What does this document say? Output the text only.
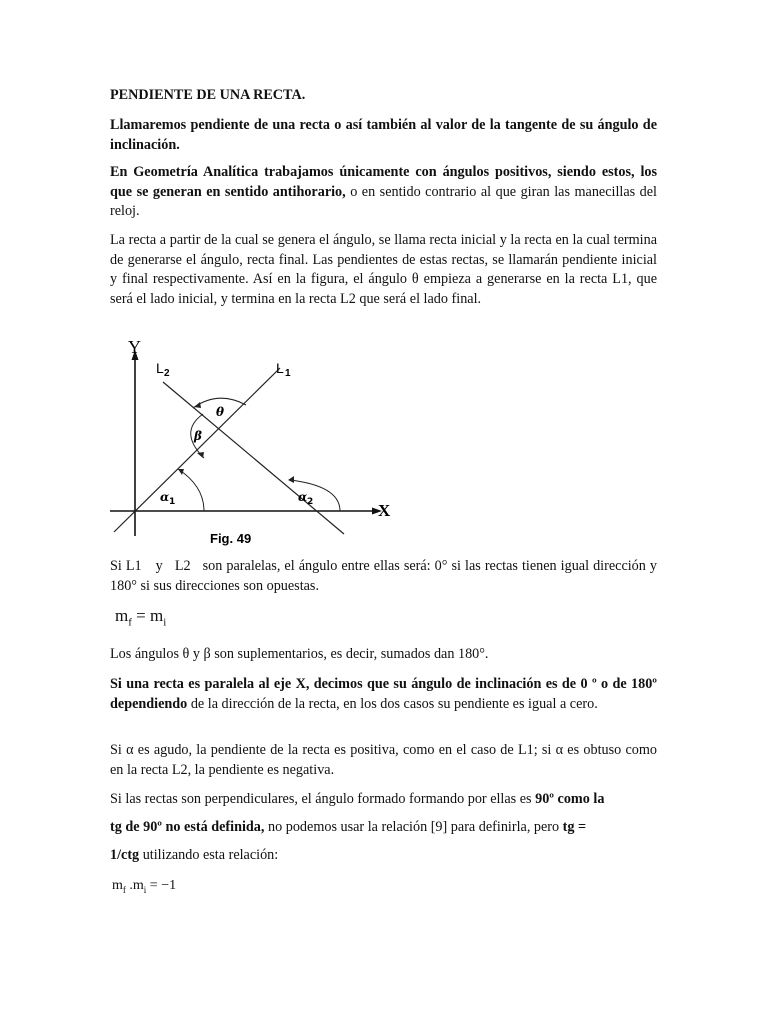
PENDIENTE DE UNA RECTA.

Llamaremos pendiente de una recta o así también al valor de la tangente de su ángulo de inclinación.

En Geometría Analítica trabajamos únicamente con ángulos positivos, siendo estos, los que se generan en sentido antihorario, o en sentido contrario al que giran las manecillas del reloj.

La recta a partir de la cual se genera el ángulo, se llama recta inicial y la recta en la cual termina de generarse el ángulo, recta final. Las pendientes de estas rectas, se llamarán pendiente inicial y final respectivamente. Así en la figura, el ángulo θ empieza a generarse en la recta L1, que será el lado inicial, y termina en la recta L2 que será el lado final.

Y
X
L 1
L 2
θ
β
α 1	α 2
Fig. 49

Si L1 y L2 son paralelas, el ángulo entre ellas será: 0° si las rectas tienen igual dirección y 180° si sus direcciones son opuestas.

$m_f = m_i$

Los ángulos θ y β son suplementarios, es decir, sumados dan 180°.

Si una recta es paralela al eje X, decimos que su ángulo de inclinación es de 0 º o de 180º dependiendo de la dirección de la recta, en los dos casos su pendiente es igual a cero.

Si α es agudo, la pendiente de la recta es positiva, como en el caso de L1; si α es obtuso como en la recta L2, la pendiente es negativa.

Si las rectas son perpendiculares, el ángulo formado formando por ellas es 90º como la

tg de 90º no está definida, no podemos usar la relación [9] para definirla, pero tg =

1/ctg utilizando esta relación:

$m_f$ $.m_i = -1$
